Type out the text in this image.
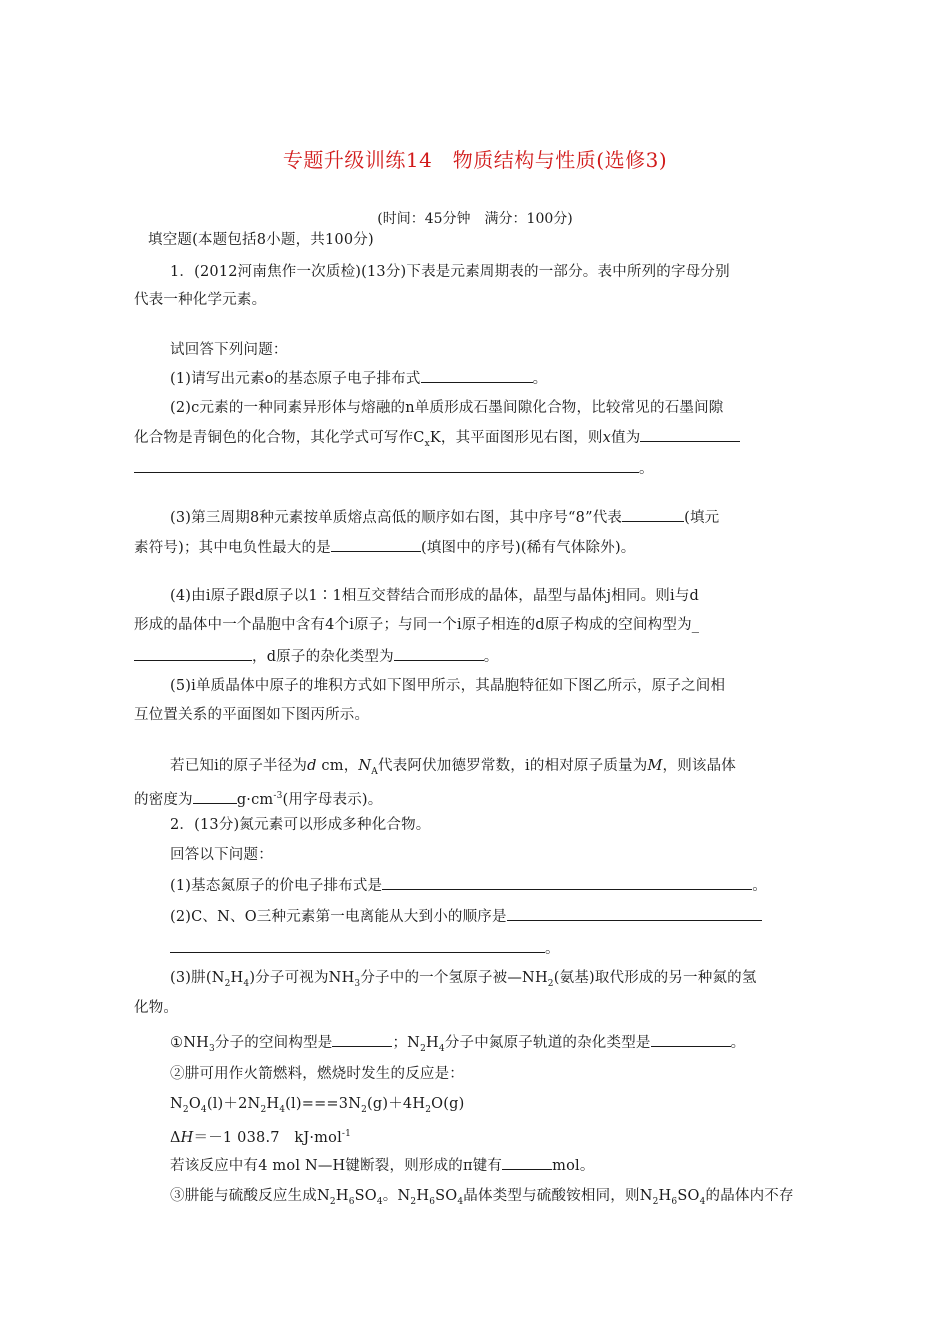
专题升级训练14　物质结构与性质(选修3)
(时间：45分钟　满分：100分)
填空题(本题包括8小题，共100分)
1．(2012河南焦作一次质检)(13分)下表是元素周期表的一部分。表中所列的字母分别
代表一种化学元素。
试回答下列问题：
(1)请写出元素o的基态原子电子排布式	。
(2)c元素的一种同素异形体与熔融的n单质形成石墨间隙化合物，比较常见的石墨间隙
化合物是青铜色的化合物，其化学式可写作$C_xK$，其平面图形见右图，则x值为
。
(3)第三周期8种元素按单质熔点高低的顺序如右图，其中序号“8”代表	(填元
素符号)；其中电负性最大的是	(填图中的序号)(稀有气体除外)。
(4)由i原子跟d原子以1∶1相互交替结合而形成的晶体，晶型与晶体j相同。则i与d
形成的晶体中一个晶胞中含有4个i原子；与同一个i原子相连的d原子构成的空间构型为_
，d原子的杂化类型为	。
(5)i单质晶体中原子的堆积方式如下图甲所示，其晶胞特征如下图乙所示，原子之间相
互位置关系的平面图如下图丙所示。
若已知i的原子半径为d cm，$N_A$代表阿伏加德罗常数，i的相对原子质量为M，则该晶体
的密度为	$g\cdot cm^{-3}$(用字母表示)。
2．(13分)氮元素可以形成多种化合物。
回答以下问题：
(1)基态氮原子的价电子排布式是	。
(2)C、N、O三种元素第一电离能从大到小的顺序是
。
(3)肼$(N_2H_4)$分子可视为$NH_3$分子中的一个氢原子被$—NH_2$(氨基)取代形成的另一种氮的氢
化物。
$①NH_3$分子的空间构型是	；$N_2H_4$分子中氮原子轨道的杂化类型是	。
②肼可用作火箭燃料，燃烧时发生的反应是：
$N_2O_4(l)+2N_2H_4(l)===3N_2(g)+4H_2O(g)$
ΔH＝－1 038.7　kJ·mol$^{-1}$
若该反应中有4 mol N—H键断裂，则形成的π键有	mol。
③肼能与硫酸反应生成$N_2H_6SO_4$。$N_2H_6SO_4$晶体类型与硫酸铵相同，则$N_2H_6SO_4$的晶体内不存
